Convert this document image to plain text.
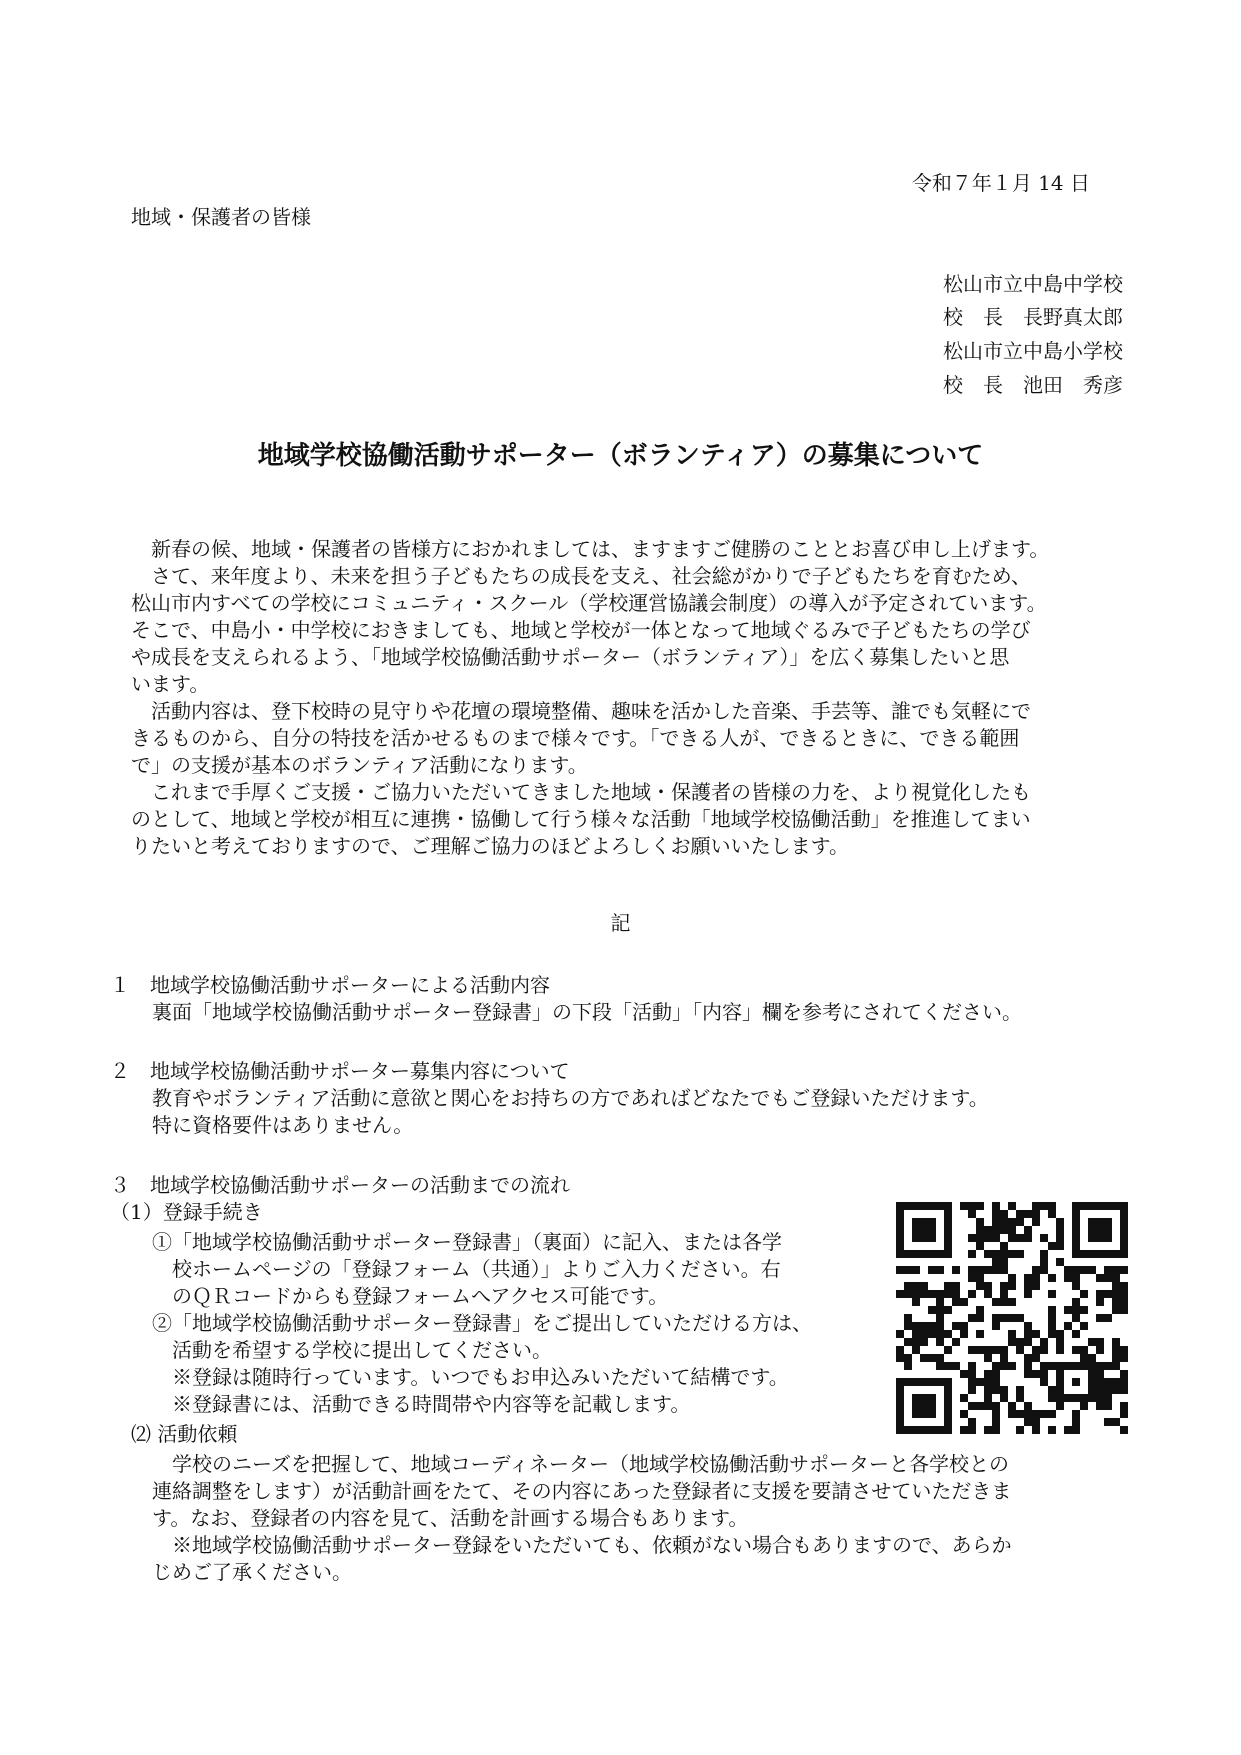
令和７年１月 14 日
地域・保護者の皆様
松山市立中島中学校
校　長　長野真太郎
松山市立中島小学校
校　長　池田　秀彦
地域学校協働活動サポーター（ボランティア）の募集について
　新春の候、地域・保護者の皆様方におかれましては、ますますご健勝のこととお喜び申し上げます。
　さて、来年度より、未来を担う子どもたちの成長を支え、社会総がかりで子どもたちを育むため、
松山市内すべての学校にコミュニティ・スクール（学校運営協議会制度）の導入が予定されています。
そこで、中島小・中学校におきましても、地域と学校が一体となって地域ぐるみで子どもたちの学び
や成長を支えられるよう、「地域学校協働活動サポーター（ボランティア）」を広く募集したいと思
います。
　活動内容は、登下校時の見守りや花壇の環境整備、趣味を活かした音楽、手芸等、誰でも気軽にで
きるものから、自分の特技を活かせるものまで様々です。「できる人が、できるときに、できる範囲
で」の支援が基本のボランティア活動になります。
　これまで手厚くご支援・ご協力いただいてきました地域・保護者の皆様の力を、より視覚化したも
のとして、地域と学校が相互に連携・協働して行う様々な活動「地域学校協働活動」を推進してまい
りたいと考えておりますので、ご理解ご協力のほどよろしくお願いいたします。
記
１　地域学校協働活動サポーターによる活動内容
裏面「地域学校協働活動サポーター登録書」の下段「活動」「内容」欄を参考にされてください。
２　地域学校協働活動サポーター募集内容について
教育やボランティア活動に意欲と関心をお持ちの方であればどなたでもご登録いただけます。
特に資格要件はありません。
３　地域学校協働活動サポーターの活動までの流れ
（1）登録手続き
①「地域学校協働活動サポーター登録書」（裏面）に記入、または各学
　校ホームページの「登録フォーム（共通）」よりご入力ください。右
　のＱＲコードからも登録フォームへアクセス可能です。
②「地域学校協働活動サポーター登録書」をご提出していただける方は、
　活動を希望する学校に提出してください。
　※登録は随時行っています。いつでもお申込みいただいて結構です。
　※登録書には、活動できる時間帯や内容等を記載します。
⑵ 活動依頼
　学校のニーズを把握して、地域コーディネーター（地域学校協働活動サポーターと各学校との
連絡調整をします）が活動計画をたて、その内容にあった登録者に支援を要請させていただきま
す。なお、登録者の内容を見て、活動を計画する場合もあります。
　※地域学校協働活動サポーター登録をいただいても、依頼がない場合もありますので、あらか
じめご了承ください。
